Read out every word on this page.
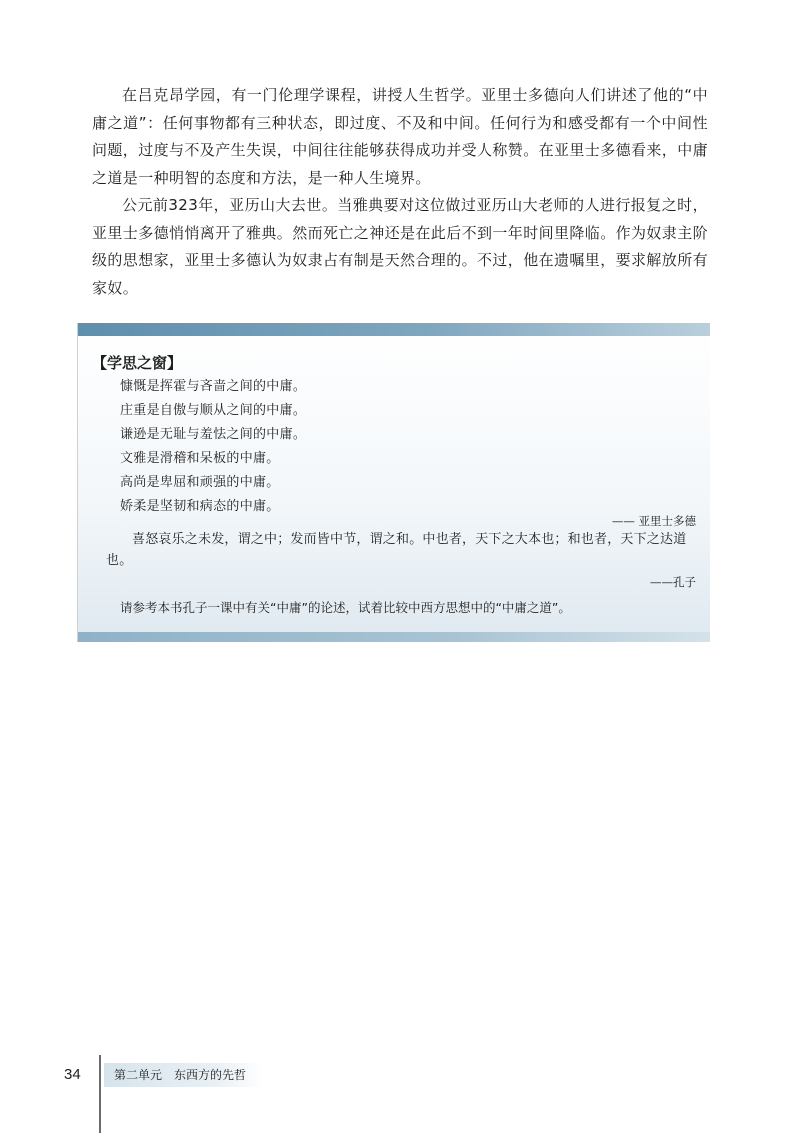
在吕克昂学园，有一门伦理学课程，讲授人生哲学。亚里士多德向人们讲述了他的“中庸之道”：任何事物都有三种状态，即过度、不及和中间。任何行为和感受都有一个中间性问题，过度与不及产生失误，中间往往能够获得成功并受人称赞。在亚里士多德看来，中庸之道是一种明智的态度和方法，是一种人生境界。

公元前323年，亚历山大去世。当雅典要对这位做过亚历山大老师的人进行报复之时，亚里士多德悄悄离开了雅典。然而死亡之神还是在此后不到一年时间里降临。作为奴隶主阶级的思想家，亚里士多德认为奴隶占有制是天然合理的。不过，他在遗嘱里，要求解放所有家奴。

【学思之窗】

慷慨是挥霍与吝啬之间的中庸。

庄重是自傲与顺从之间的中庸。

谦逊是无耻与羞怯之间的中庸。

文雅是滑稽和呆板的中庸。

高尚是卑屈和顽强的中庸。

娇柔是坚韧和病态的中庸。

—— 亚里士多德

喜怒哀乐之未发，谓之中；发而皆中节，谓之和。中也者，天下之大本也；和也者，天下之达道也。

——孔子

请参考本书孔子一课中有关“中庸”的论述，试着比较中西方思想中的“中庸之道”。

34	第二单元 东西方的先哲
